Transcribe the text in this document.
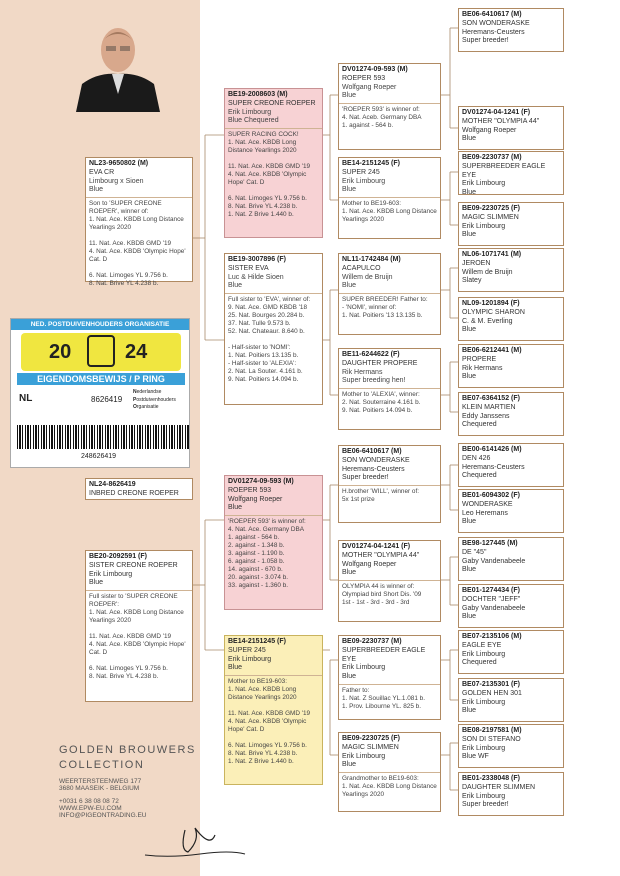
NL23-9650802 (M)
EVA CR
Limbourg x Sioen
Blue
Son to 'SUPER CREONE ROEPER', winner of:
1. Nat. Ace. KBDB Long Distance Yearlings 2020

11. Nat. Ace. KBDB GMD '19
4. Nat. Ace. KBDB 'Olympic Hope' Cat. D

6. Nat. Limoges YL 9.756 b.
8. Nat. Brive YL 4.238 b.
BE19-2008603 (M)
SUPER CREONE ROEPER
Erik Limbourg
Blue Chequered
SUPER RACING COCK!
1. Nat. Ace. KBDB Long Distance Yearlings 2020

11. Nat. Ace. KBDB GMD '19
4. Nat. Ace. KBDB 'Olympic Hope' Cat. D

6. Nat. Limoges YL 9.756 b.
8. Nat. Brive YL 4.238 b.
1. Nat. Z Brive 1.440 b.
BE19-3007896 (F)
SISTER EVA
Luc & Hilde Sioen
Blue
Full sister to 'EVA', winner of:
9. Nat. Ace. GMD KBDB '18
25. Nat. Bourges 20.284 b.
37. Nat. Tulle 9.573 b.
52. Nat. Chateaur. 8.640 b.

- Half-sister to 'NOMI':
1. Nat. Poitiers 13.135 b.
- Half-sister to 'ALEXIA':
2. Nat. La Souter. 4.161 b.
9. Nat. Poitiers 14.094 b.
DV01274-09-593 (M)
ROEPER 593
Wolfgang Roeper
Blue
'ROEPER 593' is winner of:
4. Nat. Aceb. Germany DBA
1. against - 564 b.
BE14-2151245 (F)
SUPER 245
Erik Limbourg
Blue
Mother to BE19-603:
1. Nat. Ace. KBDB Long Distance Yearlings 2020
NL11-1742484 (M)
ACAPULCO
Willem de Bruijn
Blue
SUPER BREEDER! Father to:
- 'NOMI', winner of:
1. Nat. Poitiers '13 13.135 b.
BE11-6244622 (F)
DAUGHTER PROPERE
Rik Hermans
Super breeding hen!
Mother to 'ALEXIA', winner:
2. Nat. Souterraine 4.161 b.
9. Nat. Poitiers 14.094 b.
BE06-6410617 (M)
SON WONDERASKE
Heremans-Ceusters
Super breeder!
DV01274-04-1241 (F)
MOTHER "OLYMPIA 44"
Wolfgang Roeper
Blue
BE09-2230737 (M)
SUPERBREEDER EAGLE EYE
Erik Limbourg
Blue
BE09-2230725 (F)
MAGIC SLIMMEN
Erik Limbourg
Blue
NL06-1071741 (M)
JEROEN
Willem de Bruijn
Slatey
NL09-1201894 (F)
OLYMPIC SHARON
C. & M. Everling
Blue
BE06-6212441 (M)
PROPERE
Rik Hermans
Blue
BE07-6364152 (F)
KLEIN MARTIEN
Eddy Janssens
Chequered
NED. POSTDUIVENHOUDERS ORGANISATIE
20	24
EIGENDOMSBEWIJS / P RING
NL	8626419
Nederlandse
Postduivenhouders
Organisatie
248626419
NL24-8626419
INBRED CREONE ROEPER
BE20-2092591 (F)
SISTER CREONE ROEPER
Erik Limbourg
Blue
Full sister to 'SUPER CREONE ROEPER':
1. Nat. Ace. KBDB Long Distance Yearlings 2020

11. Nat. Ace. KBDB GMD '19
4. Nat. Ace. KBDB 'Olympic Hope' Cat. D

6. Nat. Limoges YL 9.756 b.
8. Nat. Brive YL 4.238 b.
DV01274-09-593 (M)
ROEPER 593
Wolfgang Roeper
Blue
'ROEPER 593' is winner of:
4. Nat. Ace. Germany DBA
1. against - 564 b.
2. against - 1.348 b.
3. against - 1.190 b.
6. against - 1.058 b.
14. against - 670 b.
20. against - 3.074 b.
33. against - 1.360 b.
BE14-2151245 (F)
SUPER 245
Erik Limbourg
Blue
Mother to BE19-603:
1. Nat. Ace. KBDB Long Distance Yearlings 2020

11. Nat. Ace. KBDB GMD '19
4. Nat. Ace. KBDB 'Olympic Hope' Cat. D

6. Nat. Limoges YL 9.756 b.
8. Nat. Brive YL 4.238 b.
1. Nat. Z Brive 1.440 b.
BE06-6410617 (M)
SON WONDERASKE
Heremans-Ceusters
Super breeder!
H.brother 'WILL', winner of:
5x 1st prize
DV01274-04-1241 (F)
MOTHER "OLYMPIA 44"
Wolfgang Roeper
Blue
OLYMPIA 44 is winner of:
Olympiad bird Short Dis. '09
1st - 1st - 3rd - 3rd - 3rd
BE09-2230737 (M)
SUPERBREEDER EAGLE EYE
Erik Limbourg
Blue
Father to:
1. Nat. Z Souillac YL.1.081 b.
1. Prov. Libourne YL. 825 b.
BE09-2230725 (F)
MAGIC SLIMMEN
Erik Limbourg
Blue
Grandmother to BE19-603:
1. Nat. Ace. KBDB Long Distance Yearlings 2020
BE00-6141426 (M)
DEN 426
Heremans-Ceusters
Chequered
BE01-6094302 (F)
WONDERASKE
Leo Heremans
Blue
BE98-127445 (M)
DE "45"
Gaby Vandenabeele
Blue
BE01-1274434 (F)
DOCHTER "JEFF"
Gaby Vandenabeele
Blue
BE07-2135106 (M)
EAGLE EYE
Erik Limbourg
Chequered
BE07-2135301 (F)
GOLDEN HEN 301
Erik Limbourg
Blue
BE08-2197581 (M)
SON DI STEFANO
Erik Limbourg
Blue WF
BE01-2338048 (F)
DAUGHTER SLIMMEN
Erik Limbourg
Super breeder!
GOLDEN BROUWERS
COLLECTION
WEERTERSTEENWEG 177
3680 MAASEIK - BELGIUM
+0031 6 38 08 08 72
WWW.EPW-EU.COM
INFO@PIGEONTRADING.EU
